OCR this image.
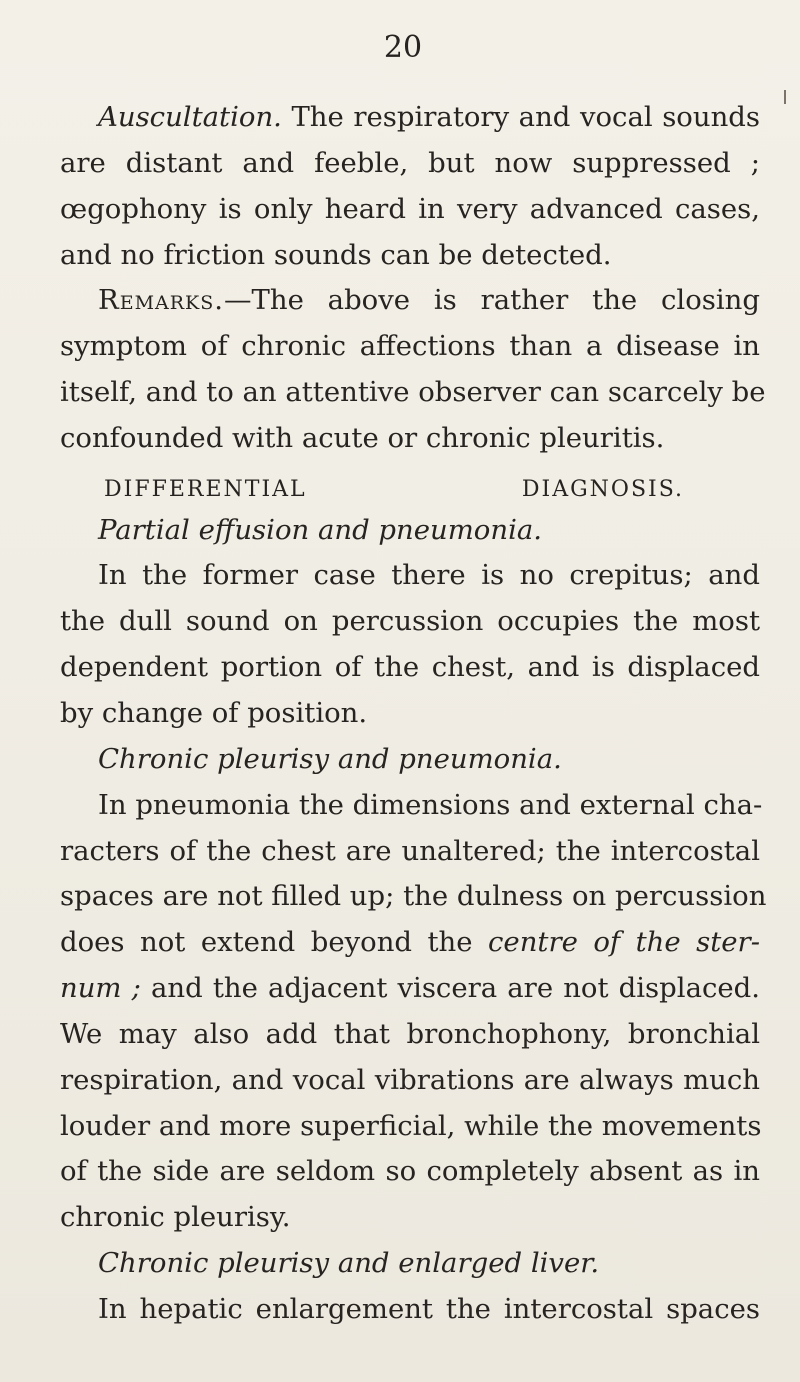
20
Auscultation. The respiratory and vocal sounds
are distant and feeble, but now suppressed ;
œgophony is only heard in very advanced cases,
and no friction sounds can be detected.
Remarks.—The above is rather the closing
symptom of chronic affections than a disease in
itself, and to an attentive observer can scarcely be
confounded with acute or chronic pleuritis.
DIFFERENTIAL DIAGNOSIS.
Partial effusion and pneumonia.
In the former case there is no crepitus; and
the dull sound on percussion occupies the most
dependent portion of the chest, and is displaced
by change of position.
Chronic pleurisy and pneumonia.
In pneumonia the dimensions and external cha-
racters of the chest are unaltered; the intercostal
spaces are not filled up; the dulness on percussion
does not extend beyond the centre of the ster-
num ; and the adjacent viscera are not displaced.
We may also add that bronchophony, bronchial
respiration, and vocal vibrations are always much
louder and more superficial, while the movements
of the side are seldom so completely absent as in
chronic pleurisy.
Chronic pleurisy and enlarged liver.
In hepatic enlargement the intercostal spaces
